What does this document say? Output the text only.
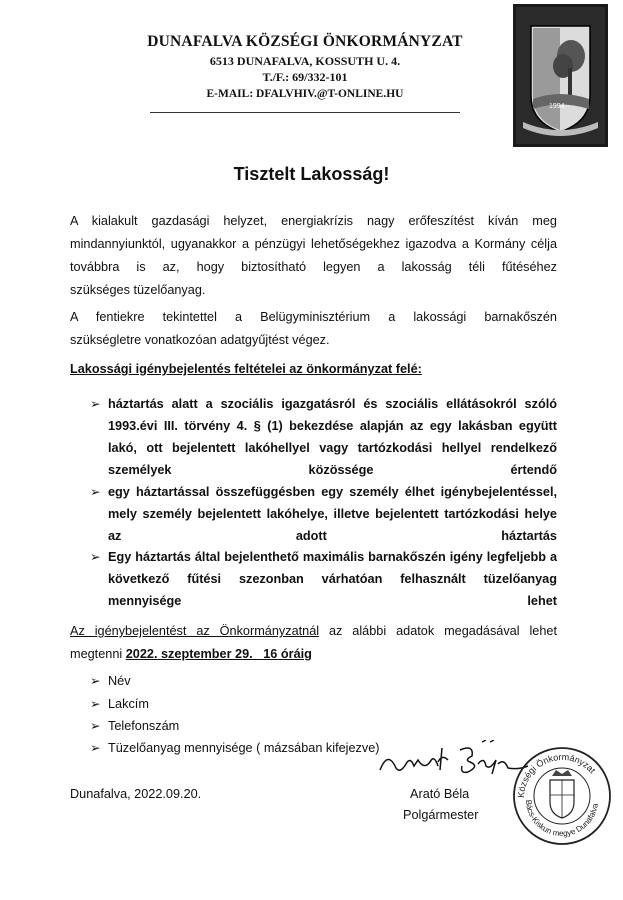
DUNAFALVA KÖZSÉGI ÖNKORMÁNYZAT
6513 DUNAFALVA, KOSSUTH U. 4.
T./F.: 69/332-101
E-MAIL: DFALVHIV.@T-ONLINE.HU
1994
Tisztelt Lakosság!
A kialakult gazdasági helyzet, energiakrízis nagy erőfeszítést kíván meg mindannyiunktól, ugyanakkor a pénzügyi lehetőségekhez igazodva a Kormány célja továbbra is az, hogy biztosítható legyen a lakosság téli fűtéséhez
szükséges tüzelőanyag.
A fentiekre tekintettel a Belügyminisztérium a lakossági barnakőszén
szükségletre vonatkozóan adatgyűjtést végez.
Lakossági igénybejelentés feltételei az önkormányzat felé:
➢ háztartás alatt a szociális igazgatásról és szociális ellátásokról szóló 1993.évi III. törvény 4. § (1) bekezdése alapján az egy lakásban együtt lakó, ott bejelentett lakóhellyel vagy tartózkodási hellyel rendelkező személyek közössége értendő
➢ egy háztartással összefüggésben egy személy élhet igénybejelentéssel, mely személy bejelentett lakóhelye, illetve bejelentett tartózkodási helye az adott háztartás
➢ Egy háztartás által bejelenthető maximális barnakőszén igény legfeljebb a következő fűtési szezonban várhatóan felhasznált tüzelőanyag mennyisége lehet
Az igénybejelentést az Önkormányzatnál az alábbi adatok megadásával lehet
megtenni 2022. szeptember 29.   16 óráig
➢ Név
➢ Lakcím
➢ Telefonszám
➢ Tüzelőanyag mennyisége ( mázsában kifejezve)
Községi Önkormányzat
Bács-Kiskun megye Dunafalva
Dunafalva, 2022.09.20.	Arató Béla
Polgármester
